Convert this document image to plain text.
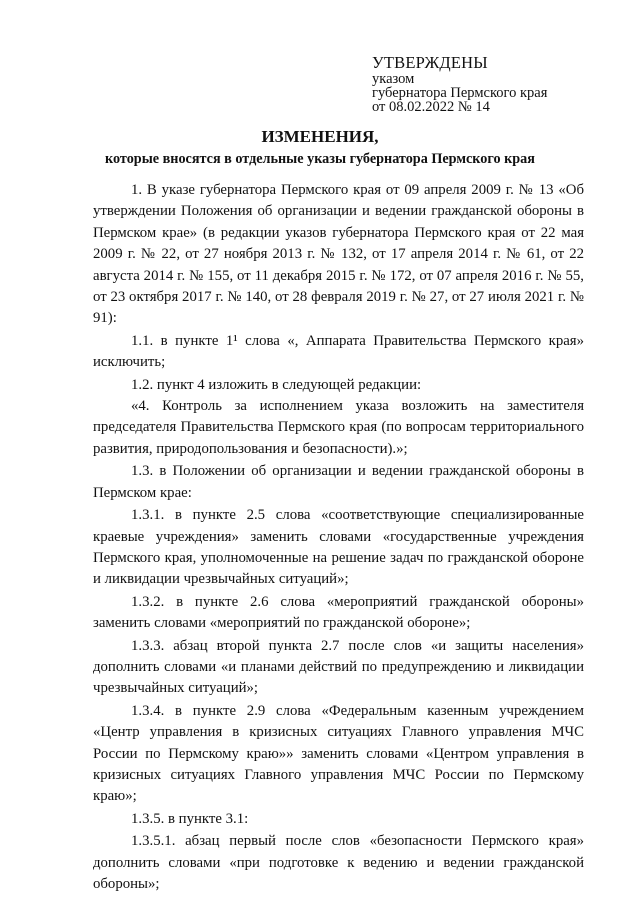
УТВЕРЖДЕНЫ
указом
губернатора Пермского края
от 08.02.2022 № 14
ИЗМЕНЕНИЯ,
которые вносятся в отдельные указы губернатора Пермского края

1. В указе губернатора Пермского края от 09 апреля 2009 г. № 13 «Об утверждении Положения об организации и ведении гражданской обороны в Пермском крае» (в редакции указов губернатора Пермского края от 22 мая 2009 г. № 22, от 27 ноября 2013 г. № 132, от 17 апреля 2014 г. № 61, от 22 августа 2014 г. № 155, от 11 декабря 2015 г. № 172, от 07 апреля 2016 г. № 55, от 23 октября 2017 г. № 140, от 28 февраля 2019 г. № 27, от 27 июля 2021 г. № 91):

1.1. в пункте 1¹ слова «, Аппарата Правительства Пермского края» исключить;

1.2. пункт 4 изложить в следующей редакции:

«4. Контроль за исполнением указа возложить на заместителя председателя Правительства Пермского края (по вопросам территориального развития, природопользования и безопасности).»;

1.3. в Положении об организации и ведении гражданской обороны в Пермском крае:

1.3.1. в пункте 2.5 слова «соответствующие специализированные краевые учреждения» заменить словами «государственные учреждения Пермского края, уполномоченные на решение задач по гражданской обороне и ликвидации чрезвычайных ситуаций»;

1.3.2. в пункте 2.6 слова «мероприятий гражданской обороны» заменить словами «мероприятий по гражданской обороне»;

1.3.3. абзац второй пункта 2.7 после слов «и защиты населения» дополнить словами «и планами действий по предупреждению и ликвидации чрезвычайных ситуаций»;

1.3.4. в пункте 2.9 слова «Федеральным казенным учреждением «Центр управления в кризисных ситуациях Главного управления МЧС России по Пермскому краю»» заменить словами «Центром управления в кризисных ситуациях Главного управления МЧС России по Пермскому краю»;

1.3.5. в пункте 3.1:

1.3.5.1. абзац первый после слов «безопасности Пермского края» дополнить словами «при подготовке к ведению и ведении гражданской обороны»;
